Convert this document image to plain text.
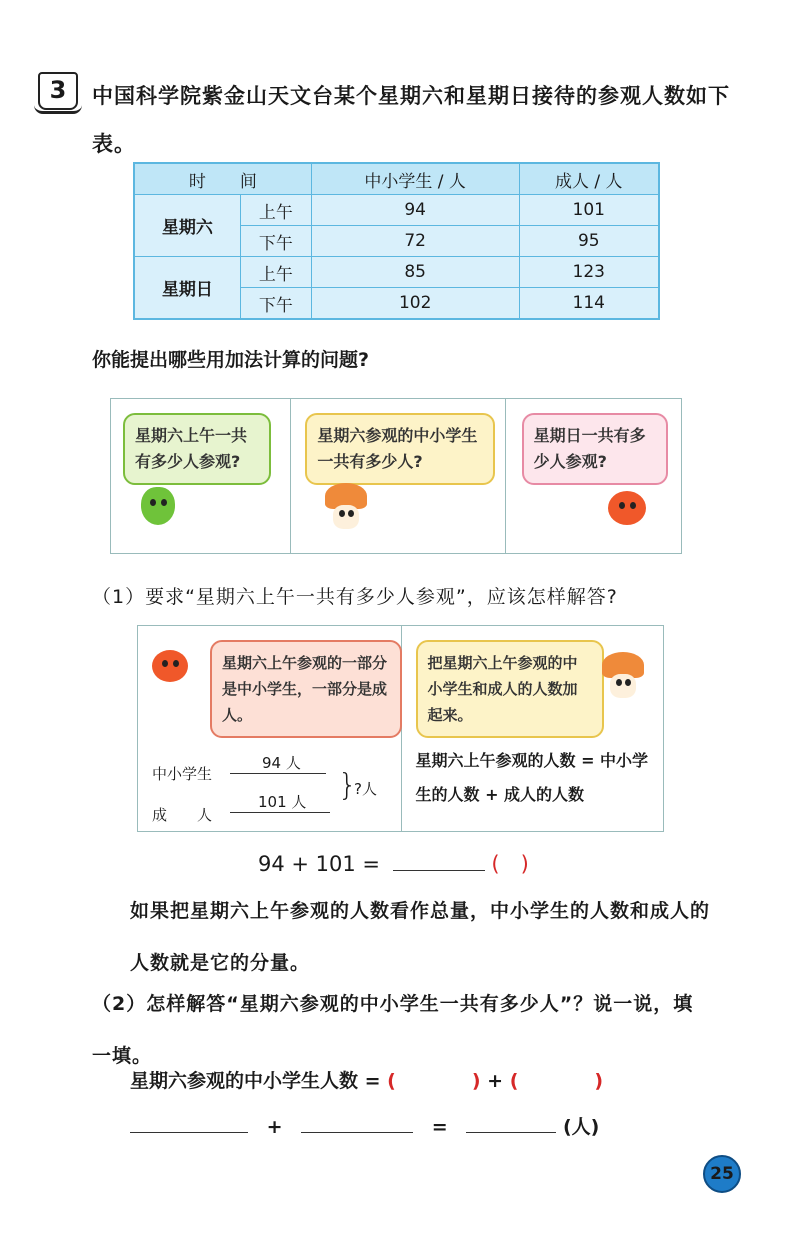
3	中国科学院紫金山天文台某个星期六和星期日接待的参观人数如下表。
时　　间		中小学生 / 人	成人 / 人
星期六	上午	94	101
	下午	72	95
星期日	上午	85	123
	下午	102	114
你能提出哪些用加法计算的问题?
星期六上午一共有多少人参观?
星期六参观的中小学生一共有多少人?
星期日一共有多少人参观?
（1）要求“星期六上午一共有多少人参观”，应该怎样解答?
星期六上午参观的一部分是中小学生，一部分是成人。
中小学生
94 人
成　　人
101 人 }
?人
把星期六上午参观的中小学生和成人的人数加起来。
星期六上午参观的人数 = 中小学生的人数 + 成人的人数
94 + 101 =	(　)
如果把星期六上午参观的人数看作总量，中小学生的人数和成人的人数就是它的分量。
（2）怎样解答“星期六参观的中小学生一共有多少人”？说一说，填一填。
星期六参观的中小学生人数 = (　　　　) + (　　　　)
+	=	(人)
25
